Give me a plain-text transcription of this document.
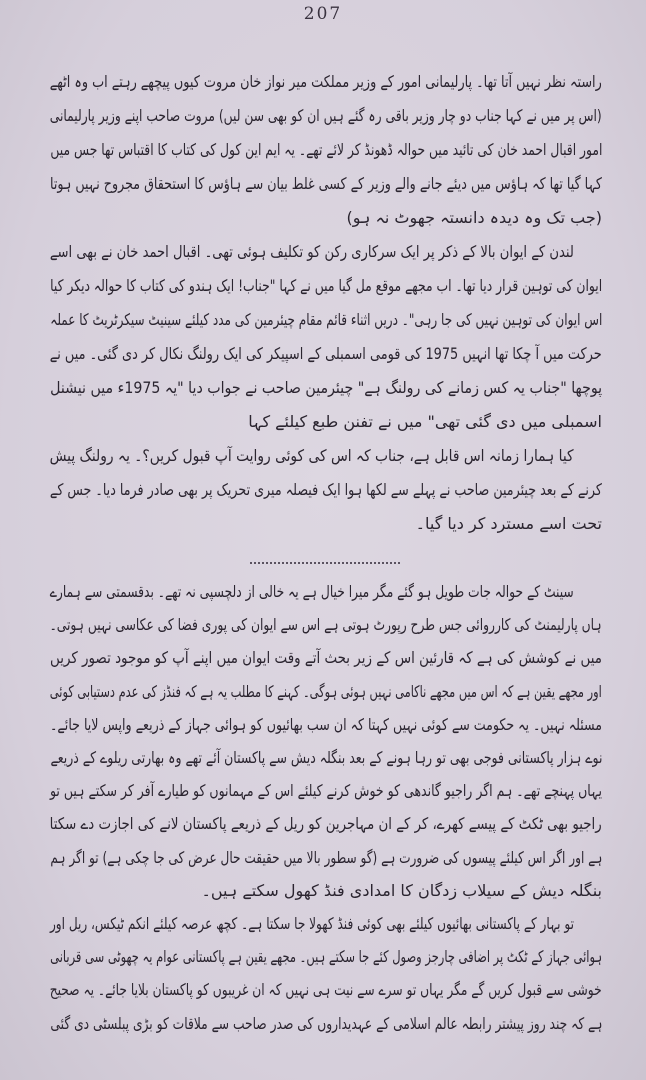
207
راستہ نظر نہیں آتا تھا۔ پارلیمانی امور کے وزیر مملکت میر نواز خان مروت کیوں پیچھے رہتے اب وہ اٹھے
(اس پر میں نے کہا جناب دو چار وزیر باقی رہ گئے ہیں ان کو بھی سن لیں) مروت صاحب اپنے وزیر پارلیمانی
امور اقبال احمد خان کی تائید میں حوالہ ڈھونڈ کر لائے تھے۔ یہ ایم این کول کی کتاب کا اقتباس تھا جس میں
کہا گیا تھا کہ ہاؤس میں دیئے جانے والے وزیر کے کسی غلط بیان سے ہاؤس کا استحقاق مجروح نہیں ہوتا
(جب تک وہ دیدہ دانستہ جھوٹ نہ ہو)
لندن کے ایوان بالا کے ذکر پر ایک سرکاری رکن کو تکلیف ہوئی تھی۔ اقبال احمد خان نے بھی اسے
ایوان کی توہین قرار دیا تھا۔ اب مجھے موقع مل گیا میں نے کہا "جناب! ایک ہندو کی کتاب کا حوالہ دیکر کیا
اس ایوان کی توہین نہیں کی جا رہی"۔ دریں اثناء قائم مقام چیئرمین کی مدد کیلئے سینیٹ سیکرٹریٹ کا عملہ
حرکت میں آ چکا تھا انہیں 1975 کی قومی اسمبلی کے اسپیکر کی ایک رولنگ نکال کر دی گئی۔ میں نے
پوچھا "جناب یہ کس زمانے کی رولنگ ہے" چیئرمین صاحب نے جواب دیا "یہ 1975ء میں نیشنل
اسمبلی میں دی گئی تھی" میں نے تفنن طبع کیلئے کہا
کیا ہمارا زمانہ اس قابل ہے، جناب کہ اس کی کوئی روایت آپ قبول کریں؟۔ یہ رولنگ پیش
کرنے کے بعد چیئرمین صاحب نے پہلے سے لکھا ہوا ایک فیصلہ میری تحریک پر بھی صادر فرما دیا۔ جس کے
تحت اسے مسترد کر دیا گیا۔
سینٹ کے حوالہ جات طویل ہو گئے مگر میرا خیال ہے یہ خالی از دلچسپی نہ تھے۔ بدقسمتی سے ہمارے
ہاں پارلیمنٹ کی کارروائی جس طرح رپورٹ ہوتی ہے اس سے ایوان کی پوری فضا کی عکاسی نہیں ہوتی۔
میں نے کوشش کی ہے کہ قارئین اس کے زیر بحث آتے وقت ایوان میں اپنے آپ کو موجود تصور کریں
اور مجھے یقین ہے کہ اس میں مجھے ناکامی نہیں ہوئی ہوگی۔ کہنے کا مطلب یہ ہے کہ فنڈز کی عدم دستیابی کوئی
مسئلہ نہیں۔ یہ حکومت سے کوئی نہیں کہتا کہ ان سب بھائیوں کو ہوائی جہاز کے ذریعے واپس لایا جائے۔
نوے ہزار پاکستانی فوجی بھی تو رہا ہونے کے بعد بنگلہ دیش سے پاکستان آئے تھے وہ بھارتی ریلوے کے ذریعے
یہاں پہنچے تھے۔ ہم اگر راجیو گاندھی کو خوش کرنے کیلئے اس کے مہمانوں کو طیارے آفر کر سکتے ہیں تو
راجیو بھی ٹکٹ کے پیسے کھرے، کر کے ان مہاجرین کو ریل کے ذریعے پاکستان لانے کی اجازت دے سکتا
ہے اور اگر اس کیلئے پیسوں کی ضرورت ہے (گو سطور بالا میں حقیقت حال عرض کی جا چکی ہے) تو اگر ہم
بنگلہ دیش کے سیلاب زدگان کا امدادی فنڈ کھول سکتے ہیں۔
تو بہار کے پاکستانی بھائیوں کیلئے بھی کوئی فنڈ کھولا جا سکتا ہے۔ کچھ عرصہ کیلئے انکم ٹیکس، ریل اور
ہوائی جہاز کے ٹکٹ پر اضافی چارجز وصول کئے جا سکتے ہیں۔ مجھے یقین ہے پاکستانی عوام یہ چھوٹی سی قربانی
خوشی سے قبول کریں گے مگر یہاں تو سرے سے نیت ہی نہیں کہ ان غریبوں کو پاکستان بلایا جائے۔ یہ صحیح
ہے کہ چند روز پیشتر رابطہ عالم اسلامی کے عہدیداروں کی صدر صاحب سے ملاقات کو بڑی پبلسٹی دی گئی
